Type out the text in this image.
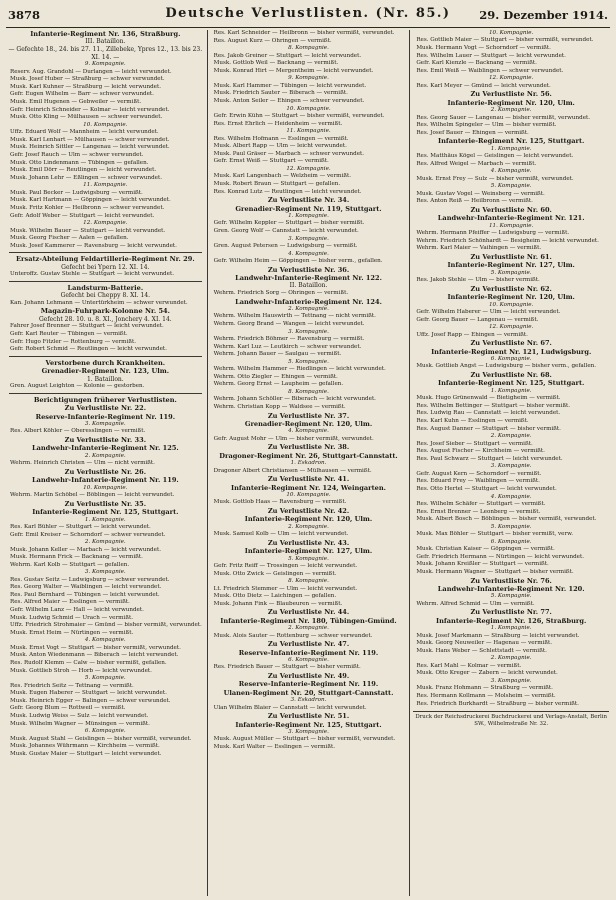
3878	Deutsche Verlustlisten. (Nr. 85.)	29. Dezember 1914.
Infanterie-Regiment Nr. 136, Straßburg.
III. Bataillon.
— Gefechte 18., 24. bis 27. 11., Zillebeke, Ypres 12., 13. bis 23. XI. 14. —
9. Kompagnie.
Reserv. Aug. Grandohl — Durlangen — leicht verwundet.
Musk. Josef Huber — Straßburg — schwer verwundet.
Musk. Karl Kuhner — Straßburg — leicht verwundet.
Gefr. Eugen Wilhelm — Barr — schwer verwundet.
Musk. Emil Hugenen — Gebweiler — vermißt.
Gefr. Heinrich Schneider — Kolmar — leicht verwundet.
Musk. Otto Kling — Mülhausen — schwer verwundet.
10. Kompagnie.
Uffz. Eduard Wolf — Mannheim — leicht verwundet.
Musk. Karl Lenhart — Mülhausen — schwer verwundet.
Musk. Heinrich Sittler — Langenau — leicht verwundet.
Gefr. Josef Rauch — Ulm — schwer verwundet.
Musk. Otto Lindenmann — Tübingen — gefallen.
Musk. Emil Dörr — Reutlingen — leicht verwundet.
Musk. Johann Lehr — Eßlingen — schwer verwundet.
11. Kompagnie.
Musk. Paul Becker — Ludwigsburg — vermißt.
Musk. Karl Hartmann — Göppingen — leicht verwundet.
Musk. Fritz Kohler — Heilbronn — schwer verwundet.
Gefr. Adolf Weber — Stuttgart — leicht verwundet.
12. Kompagnie.
Musk. Wilhelm Bauer — Stuttgart — leicht verwundet.
Musk. Georg Fischer — Aalen — gefallen.
Musk. Josef Kammerer — Ravensburg — leicht verwundet.
Ersatz-Abteilung Feldartillerie-Regiment Nr. 29.
Gefecht bei Ypern 12. XI. 14.
Unteroffz. Gustav Stehle — Stuttgart — leicht verwundet.
Landsturm-Batterie.
Gefecht bei Cheppy 8. XI. 14.
Kan. Johann Lehmann — Untertürkheim — schwer verwundet.
Magazin-Fuhrpark-Kolonne Nr. 54.
Gefecht 28. 10. u. 8. XI., Jonchery 4. XI. 14.
Fahrer Josef Brenner — Stuttgart — leicht verwundet.
Gefr. Karl Reuter — Tübingen — vermißt.
Gefr. Hugo Fitzler — Rottenburg — vermißt.
Gefr. Robert Schmid — Reutlingen — leicht verwundet.
Verstorbene durch Krankheiten.
Grenadier-Regiment Nr. 123, Ulm.
1. Bataillon.
Gren. August Leighton — Kolonie — gestorben.
Berichtigungen früherer Verlustlisten.
Zu Verlustliste Nr. 22.
Reserve-Infanterie-Regiment Nr. 119.
3. Kompagnie.
Res. Albert Köhler — Oberesslingen — vermißt.
Zu Verlustliste Nr. 33.
Landwehr-Infanterie-Regiment Nr. 125.
2. Kompagnie.
Wehrm. Heinrich Christen — Ulm — nicht vermißt.
Zu Verlustliste Nr. 26.
Landwehr-Infanterie-Regiment Nr. 119.
10. Kompagnie.
Wehrm. Martin Schöbel — Böblingen — leicht verwundet.
Zu Verlustliste Nr. 35.
Infanterie-Regiment Nr. 125, Stuttgart.
1. Kompagnie.
Res. Karl Bühler — Stuttgart — leicht verwundet.
Gefr. Emil Kreiser — Schorndorf — schwer verwundet.
2. Kompagnie.
Musk. Johann Keller — Marbach — leicht verwundet.
Musk. Hermann Frick — Backnang — vermißt.
Wehrm. Karl Kolb — Stuttgart — gefallen.
3. Kompagnie.
Res. Gustav Seitz — Ludwigsburg — schwer verwundet.
Res. Georg Walter — Waiblingen — leicht verwundet.
Res. Paul Bernhard — Tübingen — leicht verwundet.
Res. Alfred Maier — Esslingen — vermißt.
Gefr. Wilhelm Lanz — Hall — leicht verwundet.
Musk. Ludwig Schmid — Urach — vermißt.
Uffz. Friedrich Strohmaier — Gmünd — bisher vermißt, verwundet.
Musk. Ernst Heim — Nürtingen — vermißt.
4. Kompagnie.
Musk. Ernst Vogt — Stuttgart — bisher vermißt, verwundet.
Musk. Anton Wiedenmann — Biberach — leicht verwundet.
Res. Rudolf Klemm — Calw — bisher vermißt, gefallen.
Musk. Gottlieb Stroh — Horb — leicht verwundet.
5. Kompagnie.
Res. Friedrich Seitz — Tettnang — vermißt.
Musk. Eugen Haberer — Stuttgart — leicht verwundet.
Musk. Heinrich Egger — Balingen — schwer verwundet.
Gefr. Georg Blum — Rottweil — vermißt.
Musk. Ludwig Weiss — Sulz — leicht verwundet.
Musk. Wilhelm Wagner — Münsingen — vermißt.
6. Kompagnie.
Musk. August Stahl — Geislingen — bisher vermißt, verwundet.
Musk. Johannes Wührmann — Kirchheim — vermißt.
Musk. Gustav Maier — Stuttgart — leicht verwundet.
Res. Karl Schneider — Heilbronn — bisher vermißt, verwundet.
Res. August Kurz — Öhringen — vermißt.
8. Kompagnie.
Res. Jakob Greiner — Stuttgart — leicht verwundet.
Musk. Gottlob Weil — Backnang — vermißt.
Musk. Konrad Hirt — Mergentheim — leicht verwundet.
9. Kompagnie.
Musk. Karl Hammer — Tübingen — leicht verwundet.
Musk. Friedrich Sauter — Biberach — vermißt.
Musk. Anton Seiler — Ehingen — schwer verwundet.
10. Kompagnie.
Gefr. Erwin Kühn — Stuttgart — bisher vermißt, verwundet.
Res. Ernst Ehrlich — Heidenheim — vermißt.
11. Kompagnie.
Res. Wilhelm Hofmann — Esslingen — vermißt.
Musk. Albert Rapp — Ulm — leicht verwundet.
Musk. Paul Gräser — Marbach — schwer verwundet.
Gefr. Ernst Weiß — Stuttgart — vermißt.
12. Kompagnie.
Musk. Karl Langenbach — Welzheim — vermißt.
Musk. Robert Braun — Stuttgart — gefallen.
Res. Konrad Lutz — Reutlingen — leicht verwundet.
Zu Verlustliste Nr. 34.
Grenadier-Regiment Nr. 119, Stuttgart.
1. Kompagnie.
Gefr. Wilhelm Keppler — Stuttgart — bisher vermißt.
Gren. Georg Wolf — Cannstatt — leicht verwundet.
3. Kompagnie.
Gren. August Petersen — Ludwigsburg — vermißt.
4. Kompagnie.
Gefr. Wilhelm Heim — Göppingen — bisher verm., gefallen.
Zu Verlustliste Nr. 36.
Landwehr-Infanterie-Regiment Nr. 122.
II. Bataillon.
Wehrm. Friedrich Sorg — Öhringen — vermißt.
Landwehr-Infanterie-Regiment Nr. 124.
2. Kompagnie.
Wehrm. Wilhelm Hauswirth — Tettnang — nicht vermißt.
Wehrm. Georg Brand — Wangen — leicht verwundet.
3. Kompagnie.
Wehrm. Friedrich Böhmer — Ravensburg — vermißt.
Wehrm. Karl Luz — Leutkirch — schwer verwundet.
Wehrm. Johann Bauer — Saulgau — vermißt.
5. Kompagnie.
Wehrm. Wilhelm Hammer — Riedlingen — leicht verwundet.
Wehrm. Otto Ziegler — Ehingen — vermißt.
Wehrm. Georg Ernst — Laupheim — gefallen.
8. Kompagnie.
Wehrm. Johann Schöller — Biberach — leicht verwundet.
Wehrm. Christian Kopp — Waldsee — vermißt.
Zu Verlustliste Nr. 37.
Grenadier-Regiment Nr. 120, Ulm.
4. Kompagnie.
Gefr. August Mohr — Ulm — bisher vermißt, verwundet.
Zu Verlustliste Nr. 38.
Dragoner-Regiment Nr. 26, Stuttgart-Cannstatt.
1. Eskadron.
Dragoner Albert Christiansen — Mülhausen — vermißt.
Zu Verlustliste Nr. 41.
Infanterie-Regiment Nr. 124, Weingarten.
10. Kompagnie.
Musk. Gottlob Haas — Ravensburg — vermißt.
Zu Verlustliste Nr. 42.
Infanterie-Regiment Nr. 120, Ulm.
2. Kompagnie.
Musk. Samuel Kolb — Ulm — leicht verwundet.
Zu Verlustliste Nr. 43.
Infanterie-Regiment Nr. 127, Ulm.
5. Kompagnie.
Gefr. Fritz Reiff — Trossingen — leicht verwundet.
Musk. Otto Zwick — Geislingen — vermißt.
8. Kompagnie.
Lt. Friedrich Stemmer — Ulm — leicht verwundet.
Musk. Otto Dietz — Laichingen — gefallen.
Musk. Johann Fink — Blaubeuren — vermißt.
Zu Verlustliste Nr. 44.
Infanterie-Regiment Nr. 180, Tübingen-Gmünd.
2. Kompagnie.
Musk. Alois Sauter — Rottenburg — schwer verwundet.
Zu Verlustliste Nr. 47.
Reserve-Infanterie-Regiment Nr. 119.
6. Kompagnie.
Res. Friedrich Bauer — Stuttgart — bisher vermißt.
Zu Verlustliste Nr. 49.
Reserve-Infanterie-Regiment Nr. 119.
Ulanen-Regiment Nr. 20, Stuttgart-Cannstatt.
3. Eskadron.
Ulan Wilhelm Blaier — Cannstatt — leicht verwundet.
Zu Verlustliste Nr. 51.
Infanterie-Regiment Nr. 125, Stuttgart.
3. Kompagnie.
Musk. August Müller — Stuttgart — bisher vermißt, verwundet.
Musk. Karl Walter — Esslingen — vermißt.
10. Kompagnie.
Res. Gottlieb Maier — Stuttgart — bisher vermißt, verwundet.
Musk. Hermann Vogt — Schorndorf — vermißt.
Res. Wilhelm Lauer — Stuttgart — leicht verwundet.
Gefr. Karl Kienzle — Backnang — vermißt.
Res. Emil Weiß — Waiblingen — schwer verwundet.
12. Kompagnie.
Res. Karl Meyer — Gmünd — leicht verwundet.
Zu Verlustliste Nr. 56.
Infanterie-Regiment Nr. 120, Ulm.
2. Kompagnie.
Res. Georg Sauer — Langenau — bisher vermißt, verwundet.
Res. Wilhelm Spingeler — Ulm — bisher vermißt.
Res. Josef Bauer — Ehingen — vermißt.
Infanterie-Regiment Nr. 125, Stuttgart.
1. Kompagnie.
Res. Matthäus Kögel — Geislingen — leicht verwundet.
Res. Alfred Weigel — Marbach — vermißt.
4. Kompagnie.
Musk. Ernst Frey — Sulz — bisher vermißt, verwundet.
5. Kompagnie.
Musk. Gustav Vogel — Weinsberg — vermißt.
Res. Anton Reiß — Heilbronn — vermißt.
Zu Verlustliste Nr. 60.
Landwehr-Infanterie-Regiment Nr. 121.
11. Kompagnie.
Wehrm. Hermann Pfeiffer — Ludwigsburg — vermißt.
Wehrm. Friedrich Schönhardt — Besigheim — leicht verwundet.
Wehrm. Karl Maier — Vaihingen — vermißt.
Zu Verlustliste Nr. 61.
Infanterie-Regiment Nr. 127, Ulm.
5. Kompagnie.
Res. Jakob Stehle — Ulm — bisher vermißt.
Zu Verlustliste Nr. 62.
Infanterie-Regiment Nr. 120, Ulm.
10. Kompagnie.
Gefr. Wilhelm Haberer — Ulm — leicht verwundet.
Gefr. Georg Bauer — Langenau — vermißt.
12. Kompagnie.
Uffz. Josef Rapp — Ehingen — vermißt.
Zu Verlustliste Nr. 67.
Infanterie-Regiment Nr. 121, Ludwigsburg.
6. Kompagnie.
Musk. Gottlieb Angst — Ludwigsburg — bisher verm., gefallen.
Zu Verlustliste Nr. 68.
Infanterie-Regiment Nr. 125, Stuttgart.
1. Kompagnie.
Musk. Hugo Grünenwald — Bietigheim — vermißt.
Res. Wilhelm Bettinger — Stuttgart — bisher vermißt.
Res. Ludwig Rau — Cannstatt — leicht verwundet.
Res. Karl Kuhn — Esslingen — vermißt.
Res. August Danner — Stuttgart — bisher vermißt.
2. Kompagnie.
Res. Josef Sieber — Stuttgart — vermißt.
Res. August Fischer — Kirchheim — vermißt.
Res. Paul Schwarz — Stuttgart — leicht verwundet.
3. Kompagnie.
Gefr. August Kern — Schorndorf — vermißt.
Res. Eduard Frey — Waiblingen — vermißt.
Res. Otto Hertel — Stuttgart — leicht verwundet.
4. Kompagnie.
Res. Wilhelm Schäfer — Stuttgart — vermißt.
Res. Ernst Brenner — Leonberg — vermißt.
Musk. Albert Bosch — Böblingen — bisher vermißt, verwundet.
5. Kompagnie.
Musk. Max Böhler — Stuttgart — bisher vermißt, verw.
6. Kompagnie.
Musk. Christian Kaiser — Göppingen — vermißt.
Gefr. Friedrich Hermann — Nürtingen — leicht verwundet.
Musk. Johann Kreißler — Stuttgart — vermißt.
Musk. Hermann Wagner — Stuttgart — bisher vermißt.
Zu Verlustliste Nr. 76.
Landwehr-Infanterie-Regiment Nr. 120.
5. Kompagnie.
Wehrm. Alfred Schmid — Ulm — vermißt.
Zu Verlustliste Nr. 77.
Infanterie-Regiment Nr. 126, Straßburg.
1. Kompagnie.
Musk. Josef Markmann — Straßburg — leicht verwundet.
Musk. Georg Neuweiler — Hagenau — vermißt.
Musk. Hans Weber — Schlettstadt — vermißt.
2. Kompagnie.
Res. Karl Mahl — Kolmar — vermißt.
Musk. Otto Kreger — Zabern — leicht verwundet.
3. Kompagnie.
Musk. Franz Hohmann — Straßburg — vermißt.
Res. Hermann Kollmann — Molsheim — vermißt.
Res. Friedrich Burkhardt — Straßburg — bisher vermißt.
Druck der Reichsdruckerei Buchdruckerei und Verlags-Anstalt, Berlin SW., Wilhelmstraße Nr. 32.
